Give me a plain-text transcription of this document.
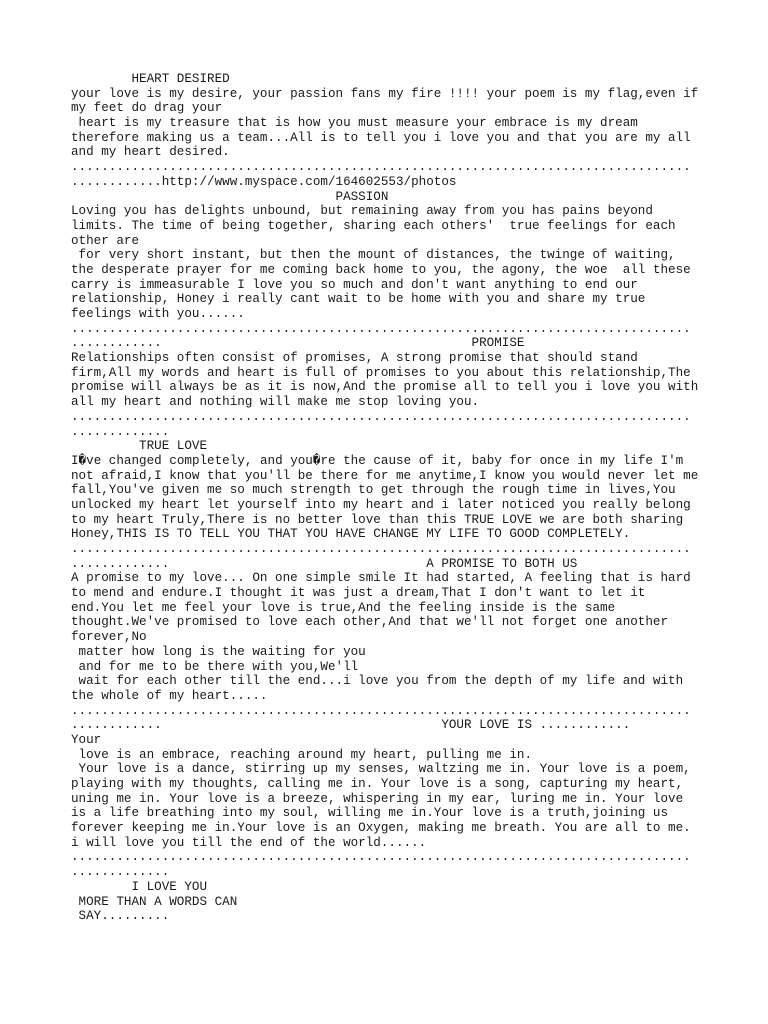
HEART DESIRED
your love is my desire, your passion fans my fire !!!! your poem is my flag,even if
my feet do drag your
heart is my treasure that is how you must measure your embrace is my dream
therefore making us a team...All is to tell you i love you and that you are my all
and my heart desired.
..................................................................................
............http://www.myspace.com/164602553/photos
PASSION
Loving you has delights unbound, but remaining away from you has pains beyond
limits. The time of being together, sharing each others'  true feelings for each
other are
for very short instant, but then the mount of distances, the twinge of waiting,
the desperate prayer for me coming back home to you, the agony, the woe  all these
carry is immeasurable I love you so much and don't want anything to end our
relationship, Honey i really cant wait to be home with you and share my true
feelings with you......
..................................................................................
............                                         PROMISE
Relationships often consist of promises, A strong promise that should stand
firm,All my words and heart is full of promises to you about this relationship,The
promise will always be as it is now,And the promise all to tell you i love you with
all my heart and nothing will make me stop loving you.
..................................................................................
.............
TRUE LOVE
I�ve changed completely, and you�re the cause of it, baby for once in my life I'm
not afraid,I know that you'll be there for me anytime,I know you would never let me
fall,You've given me so much strength to get through the rough time in lives,You
unlocked my heart let yourself into my heart and i later noticed you really belong
to my heart Truly,There is no better love than this TRUE LOVE we are both sharing
Honey,THIS IS TO TELL YOU THAT YOU HAVE CHANGE MY LIFE TO GOOD COMPLETELY.
..................................................................................
.............                                  A PROMISE TO BOTH US
A promise to my love... On one simple smile It had started, A feeling that is hard
to mend and endure.I thought it was just a dream,That I don't want to let it
end.You let me feel your love is true,And the feeling inside is the same
thought.We've promised to love each other,And that we'll not forget one another
forever,No
matter how long is the waiting for you
and for me to be there with you,We'll
wait for each other till the end...i love you from the depth of my life and with
the whole of my heart.....
..................................................................................
............                                     YOUR LOVE IS ............
Your
love is an embrace, reaching around my heart, pulling me in.
Your love is a dance, stirring up my senses, waltzing me in. Your love is a poem,
playing with my thoughts, calling me in. Your love is a song, capturing my heart,
uning me in. Your love is a breeze, whispering in my ear, luring me in. Your love
is a life breathing into my soul, willing me in.Your love is a truth,joining us
forever keeping me in.Your love is an Oxygen, making me breath. You are all to me.
i will love you till the end of the world......
..................................................................................
.............
I LOVE YOU
MORE THAN A WORDS CAN
SAY.........
